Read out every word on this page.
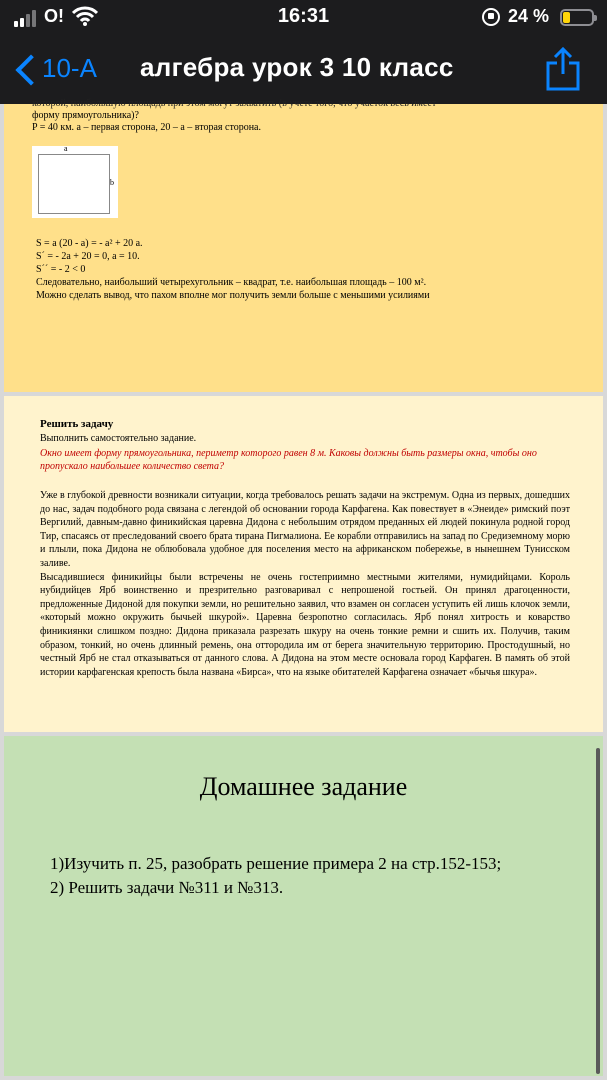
O!	16:31	24 %
10-А алгебра урок 3 10 класс
которой, наибольшую площадь при этом могут захватить (в учете того, что участок весь имеет
форму прямоугольника)?
P = 40 км. а – первая сторона, 20 – а – вторая сторона.
a
b
S = a (20 - a) = - a² + 20 a.
S´ = - 2a + 20 = 0, a = 10.
S´´ = - 2 < 0
Следовательно, наибольший четырехугольник – квадрат, т.е. наибольшая площадь – 100 м².
Можно сделать вывод, что пахом вполне мог получить земли больше с меньшими усилиями
Решить задачу
Выполнить самостоятельно задание.
Окно имеет форму прямоугольника, периметр которого равен 8 м. Каковы должны быть размеры окна, чтобы оно пропускало наибольшее количество света?

Уже в глубокой древности возникали ситуации, когда требовалось решать задачи на экстремум. Одна из первых, дошедших до нас, задач подобного рода связана с легендой об основании города Карфагена. Как повествует в «Энеиде» римский поэт Вергилий, давным-давно финикийская царевна Дидона с небольшим отрядом преданных ей людей покинула родной город Тир, спасаясь от преследований своего брата тирана Пигмалиона. Ее корабли отправились на запад по Средиземному морю и плыли, пока Дидона не облюбовала удобное для поселения место на африканском побережье, в нынешнем Тунисском заливе.

Высадившиеся финикийцы были встречены не очень гостеприимно местными жителями, нумидийцами. Король нубидийцев Ярб воинственно и презрительно разговаривал с непрошеной гостьей. Он принял драгоценности, предложенные Дидоной для покупки земли, но решительно заявил, что взамен он согласен уступить ей лишь клочок земли, «который можно окружить бычьей шкурой». Царевна безропотно согласилась. Ярб понял хитрость и коварство финикиянки слишком поздно: Дидона приказала разрезать шкуру на очень тонкие ремни и сшить их. Получив, таким образом, тонкий, но очень длинный ремень, она оттородила им от берега значительную территорию. Простодушный, но честный Ярб не стал отказываться от данного слова. А Дидона на этом месте основала город Карфаген. В память об этой истории карфагенская крепость была названа «Бирса», что на языке обитателей Карфагена означает «бычья шкура».

Домашнее задание
1)Изучить п. 25, разобрать решение примера 2 на стр.152-153;
2) Решить задачи №311 и №313.
